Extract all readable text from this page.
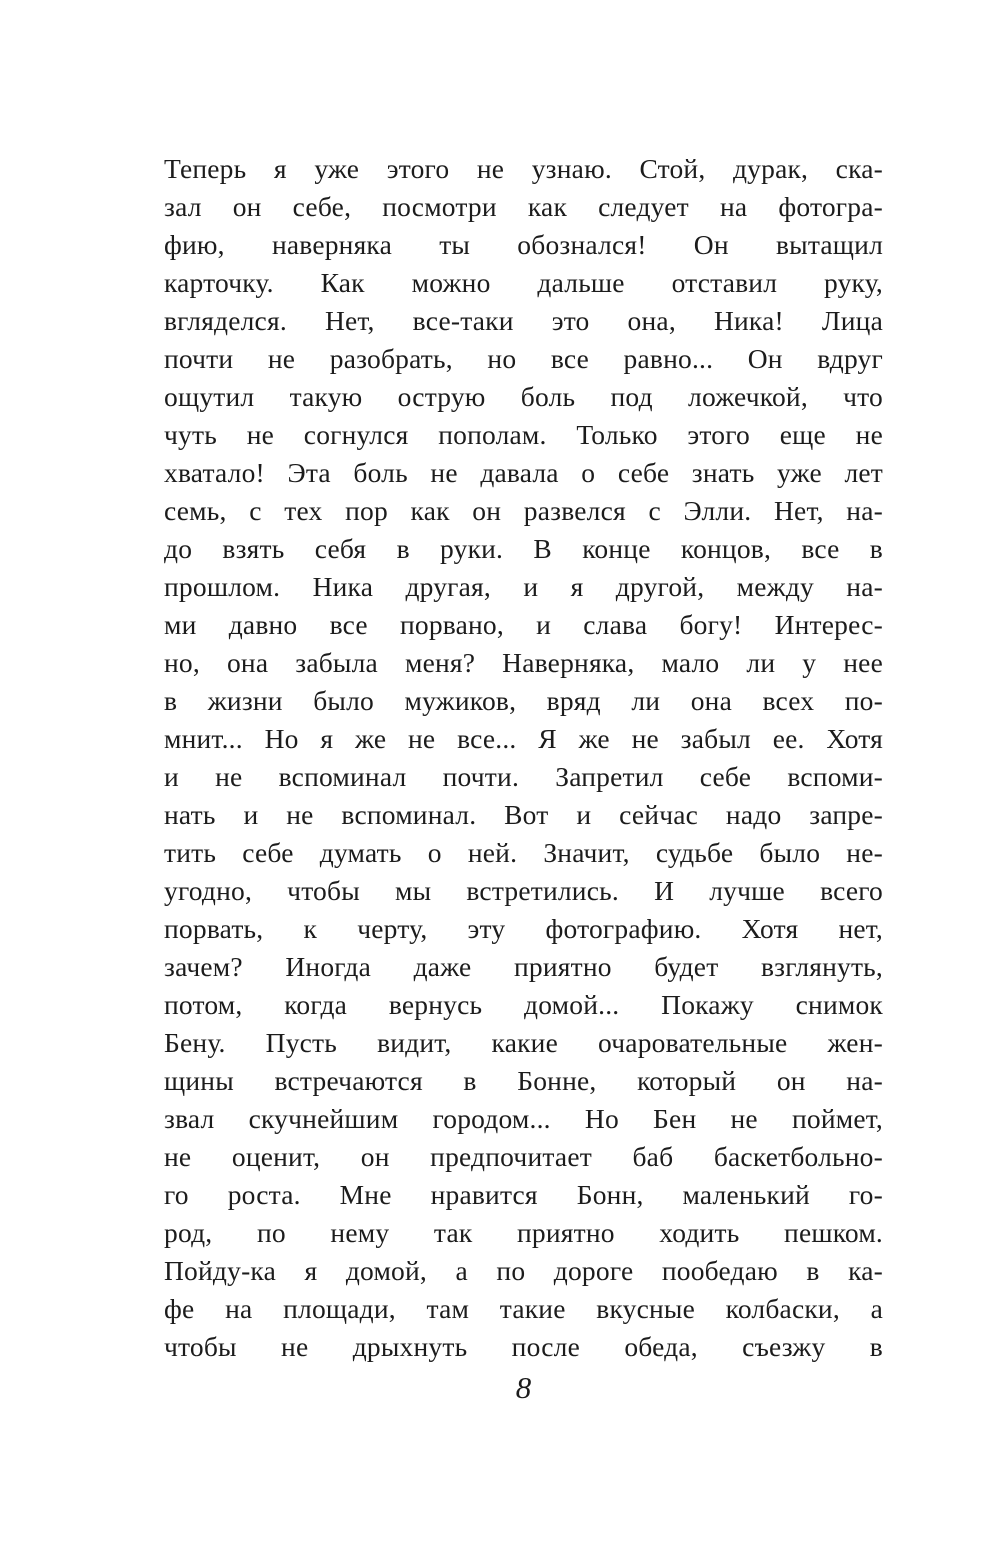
Теперь я уже этого не узнаю. Стой, дурак, ска-
зал он себе, посмотри как следует на фотогра-
фию, наверняка ты обознался! Он вытащил
карточку. Как можно дальше отставил руку,
вгляделся. Нет, все-таки это она, Ника! Лица
почти не разобрать, но все равно... Он вдруг
ощутил такую острую боль под ложечкой, что
чуть не согнулся пополам. Только этого еще не
хватало! Эта боль не давала о себе знать уже лет
семь, с тех пор как он развелся с Элли. Нет, на-
до взять себя в руки. В конце концов, все в
прошлом. Ника другая, и я другой, между на-
ми давно все порвано, и слава богу! Интерес-
но, она забыла меня? Наверняка, мало ли у нее
в жизни было мужиков, вряд ли она всех по-
мнит... Но я же не все... Я же не забыл ее. Хотя
и не вспоминал почти. Запретил себе вспоми-
нать и не вспоминал. Вот и сейчас надо запре-
тить себе думать о ней. Значит, судьбе было не-
угодно, чтобы мы встретились. И лучше всего
порвать, к черту, эту фотографию. Хотя нет,
зачем? Иногда даже приятно будет взглянуть,
потом, когда вернусь домой... Покажу снимок
Бену. Пусть видит, какие очаровательные жен-
щины встречаются в Бонне, который он на-
звал скучнейшим городом... Но Бен не поймет,
не оценит, он предпочитает баб баскетбольно-
го роста. Мне нравится Бонн, маленький го-
род, по нему так приятно ходить пешком.
Пойду-ка я домой, а по дороге пообедаю в ка-
фе на площади, там такие вкусные колбаски, а
чтобы не дрыхнуть после обеда, съезжу в
8
